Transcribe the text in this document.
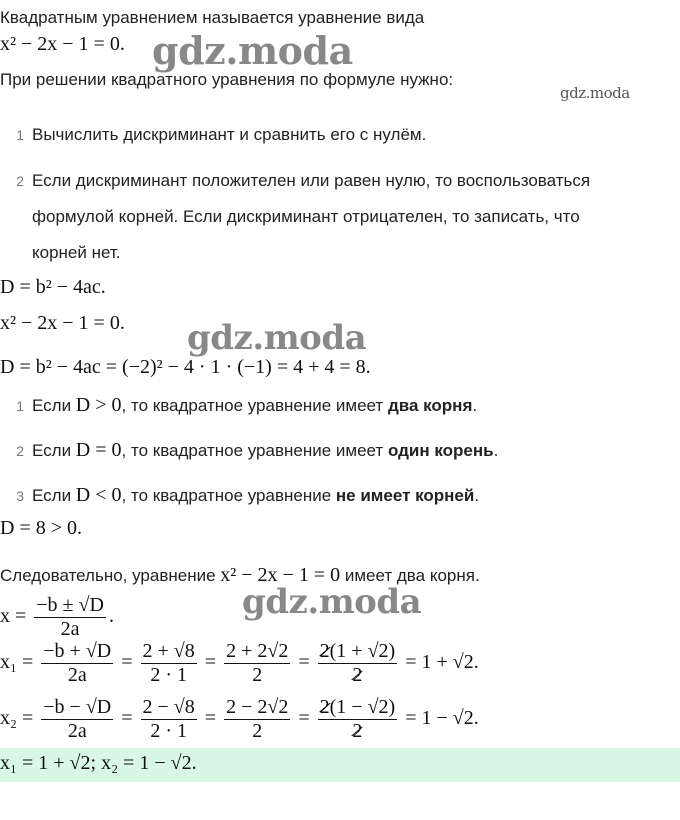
Квадратным уравнением называется уравнение вида
x² − 2x − 1 = 0.
При решении квадратного уравнения по формуле нужно:
1 Вычислить дискриминант и сравнить его с нулём.
2 Если дискриминант положителен или равен нулю, то воспользоваться
формулой корней. Если дискриминант отрицателен, то записать, что
корней нет.
D = b² − 4ac.
x² − 2x − 1 = 0.
D = b² − 4ac = (−2)² − 4 · 1 · (−1) = 4 + 4 = 8.
1 Если D > 0, то квадратное уравнение имеет два корня.
2 Если D = 0, то квадратное уравнение имеет один корень.
3 Если D < 0, то квадратное уравнение не имеет корней.
D = 8 > 0.
Следовательно, уравнение x² − 2x − 1 = 0 имеет два корня.
$x = \frac{-b \pm √D}{2a}$ .
$x_1 = \frac{-b + √D}{2a} = \frac{2 + √8}{2 \cdot 1} = \frac{2 + 2√2}{2} = \frac{2(1 + √2)}{2} = 1 + √2$.
$x_2 = \frac{-b - √D}{2a} = \frac{2 - √8}{2 \cdot 1} = \frac{2 - 2√2}{2} = \frac{2(1 - √2)}{2} = 1 - √2$.
x₁ = 1 + √2; x₂ = 1 − √2.
gdz.moda
gdz.moda
gdz.moda
gdz.moda
